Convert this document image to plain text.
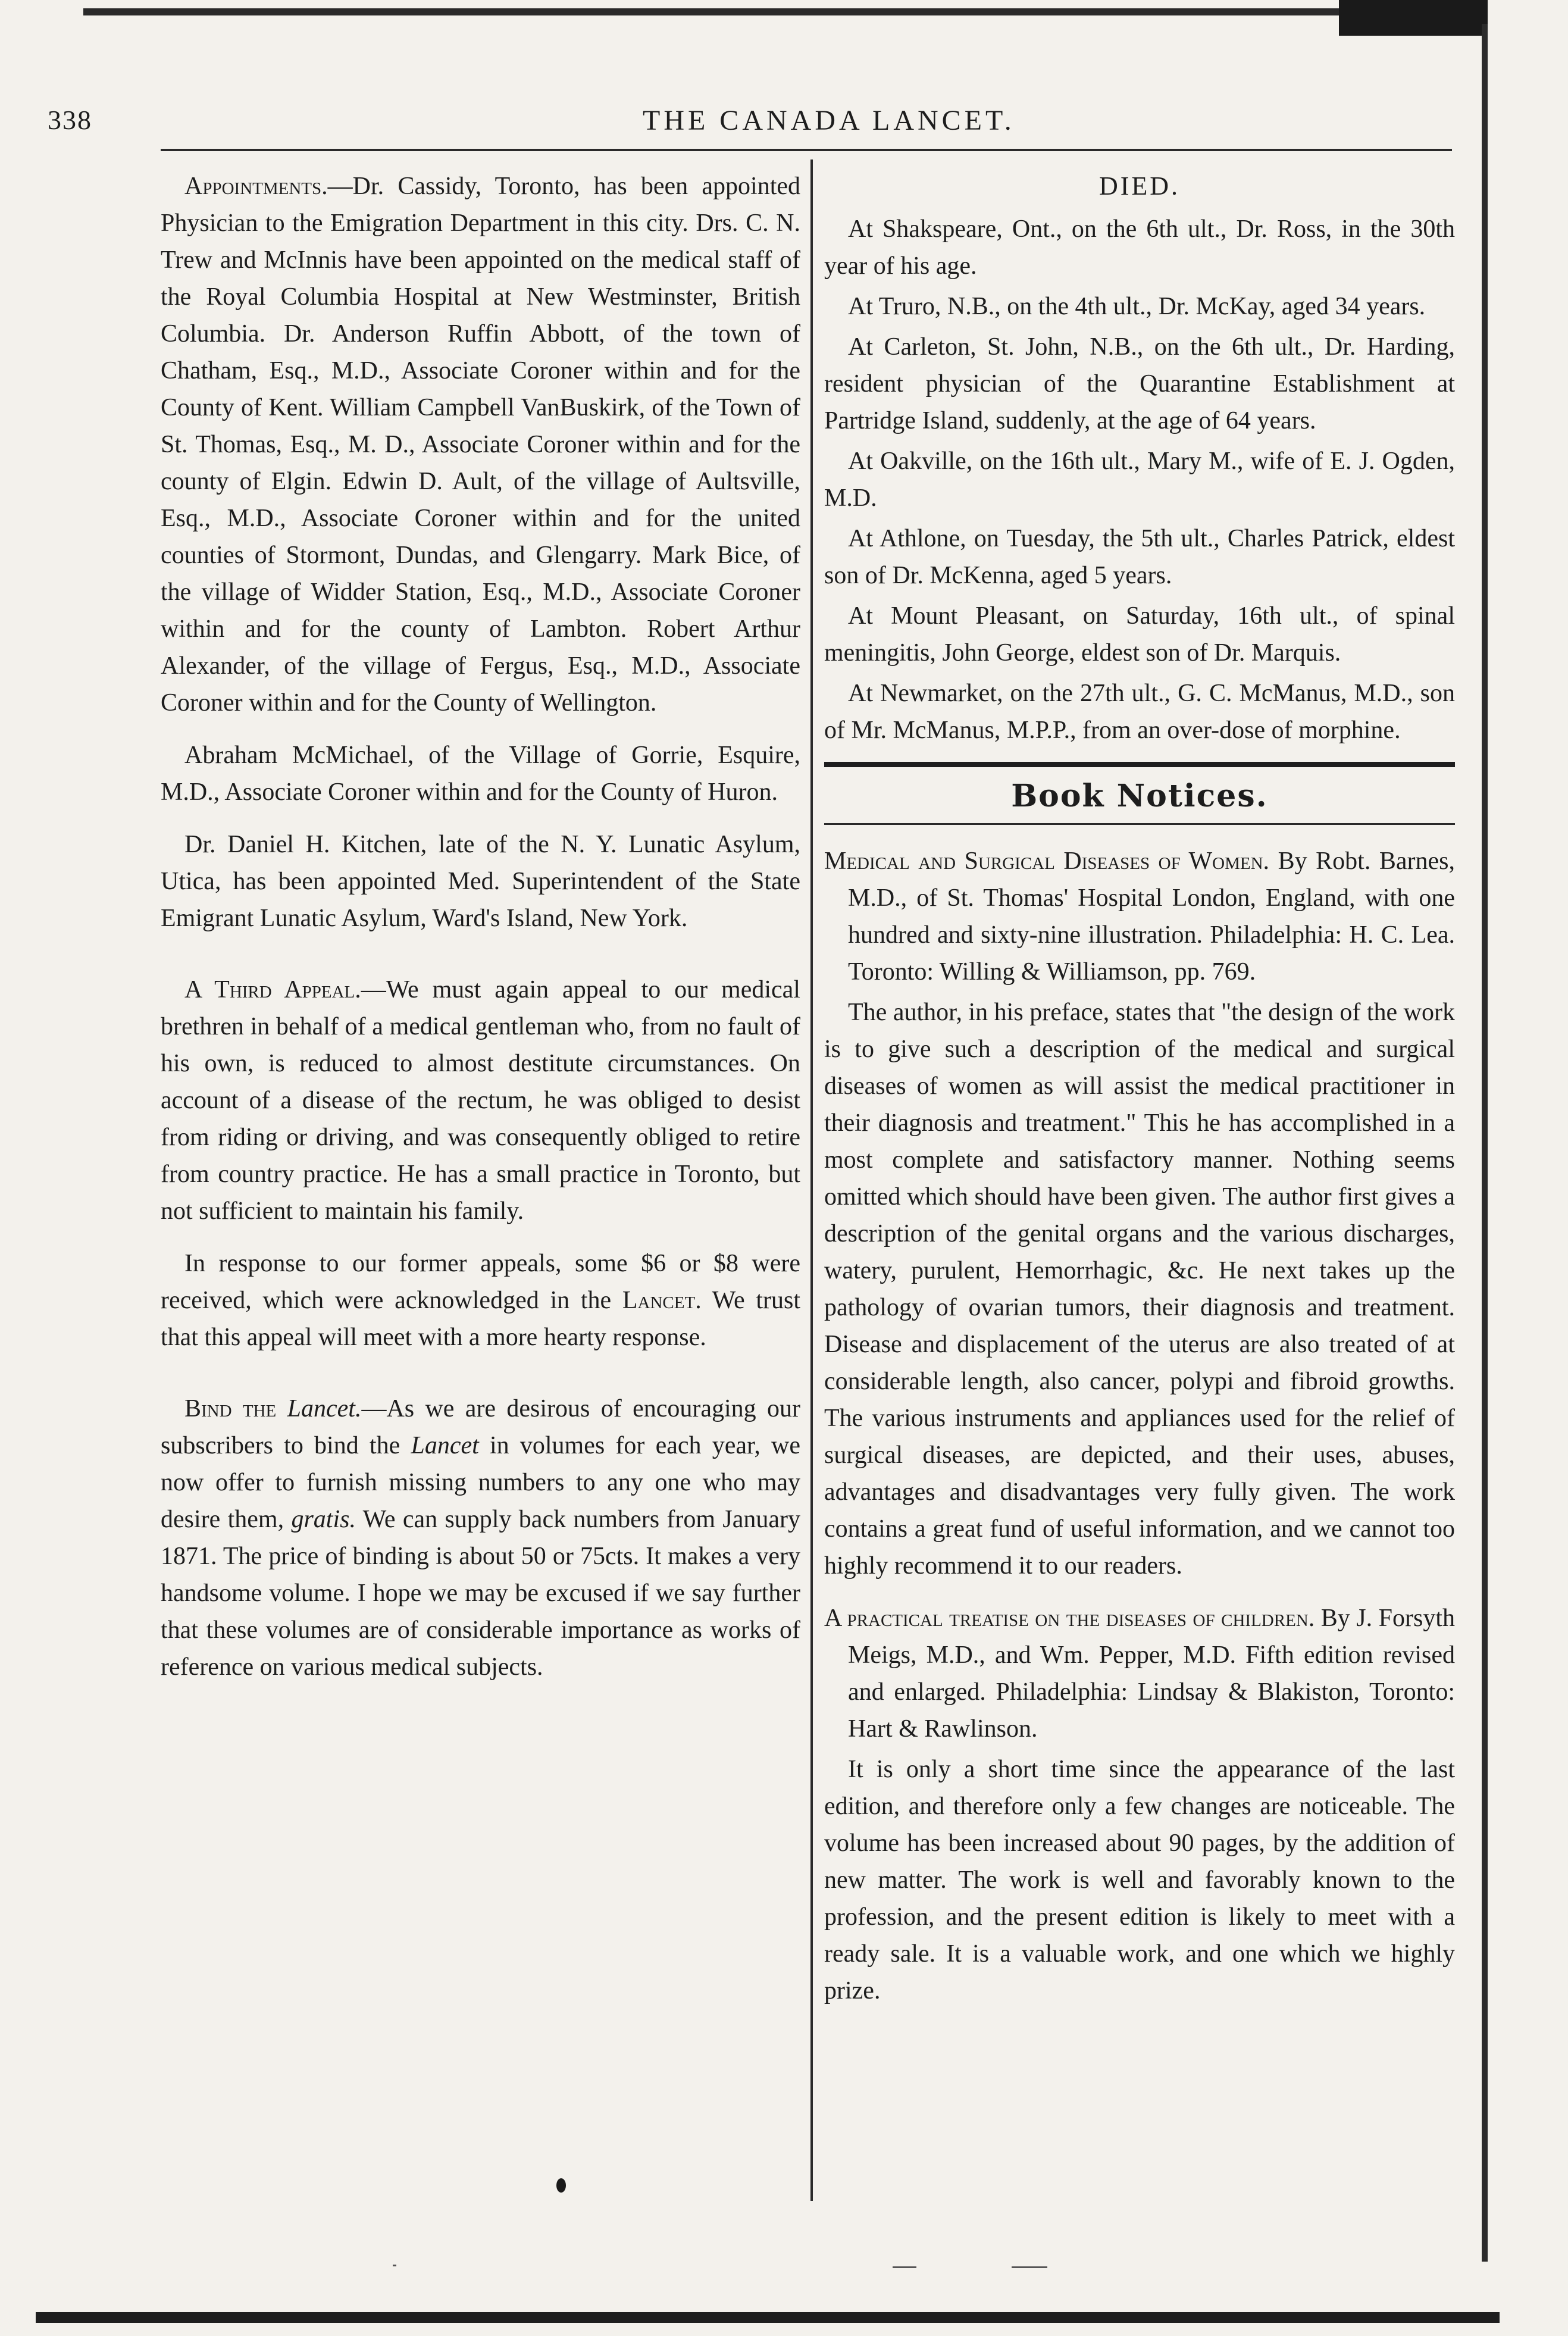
338	THE CANADA LANCET.

Appointments.—Dr. Cassidy, Toronto, has been appointed Physician to the Emigration Department in this city. Drs. C. N. Trew and McInnis have been appointed on the medical staff of the Royal Columbia Hospital at New Westminster, British Columbia. Dr. Anderson Ruffin Abbott, of the town of Chatham, Esq., M.D., Associate Coroner within and for the County of Kent. William Campbell VanBuskirk, of the Town of St. Thomas, Esq., M. D., Associate Coroner within and for the county of Elgin. Edwin D. Ault, of the village of Aultsville, Esq., M.D., Associate Coroner within and for the united counties of Stormont, Dundas, and Glengarry. Mark Bice, of the village of Widder Station, Esq., M.D., Associate Coroner within and for the county of Lambton. Robert Arthur Alexander, of the village of Fergus, Esq., M.D., Associate Coroner within and for the County of Wellington.

Abraham McMichael, of the Village of Gorrie, Esquire, M.D., Associate Coroner within and for the County of Huron.

Dr. Daniel H. Kitchen, late of the N. Y. Lunatic Asylum, Utica, has been appointed Med. Superintendent of the State Emigrant Lunatic Asylum, Ward's Island, New York.

A Third Appeal.—We must again appeal to our medical brethren in behalf of a medical gentleman who, from no fault of his own, is reduced to almost destitute circumstances. On account of a disease of the rectum, he was obliged to desist from riding or driving, and was consequently obliged to retire from country practice. He has a small practice in Toronto, but not sufficient to maintain his family.

In response to our former appeals, some $6 or $8 were received, which were acknowledged in the Lancet. We trust that this appeal will meet with a more hearty response.

Bind the Lancet.—As we are desirous of encouraging our subscribers to bind the Lancet in volumes for each year, we now offer to furnish missing numbers to any one who may desire them, gratis. We can supply back numbers from January 1871. The price of binding is about 50 or 75cts. It makes a very handsome volume. I hope we may be excused if we say further that these volumes are of considerable importance as works of reference on various medical subjects.

DIED.

At Shakspeare, Ont., on the 6th ult., Dr. Ross, in the 30th year of his age.

At Truro, N.B., on the 4th ult., Dr. McKay, aged 34 years.

At Carleton, St. John, N.B., on the 6th ult., Dr. Harding, resident physician of the Quarantine Establishment at Partridge Island, suddenly, at the age of 64 years.

At Oakville, on the 16th ult., Mary M., wife of E. J. Ogden, M.D.

At Athlone, on Tuesday, the 5th ult., Charles Patrick, eldest son of Dr. McKenna, aged 5 years.

At Mount Pleasant, on Saturday, 16th ult., of spinal meningitis, John George, eldest son of Dr. Marquis.

At Newmarket, on the 27th ult., G. C. McManus, M.D., son of Mr. McManus, M.P.P., from an over-dose of morphine.

Book Notices.

Medical and Surgical Diseases of Women. By Robt. Barnes, M.D., of St. Thomas' Hospital London, England, with one hundred and sixty-nine illustration. Philadelphia: H. C. Lea. Toronto: Willing & Williamson, pp. 769.

The author, in his preface, states that "the design of the work is to give such a description of the medical and surgical diseases of women as will assist the medical practitioner in their diagnosis and treatment." This he has accomplished in a most complete and satisfactory manner. Nothing seems omitted which should have been given. The author first gives a description of the genital organs and the various discharges, watery, purulent, Hemorrhagic, &c. He next takes up the pathology of ovarian tumors, their diagnosis and treatment. Disease and displacement of the uterus are also treated of at considerable length, also cancer, polypi and fibroid growths. The various instruments and appliances used for the relief of surgical diseases, are depicted, and their uses, abuses, advantages and disadvantages very fully given. The work contains a great fund of useful information, and we cannot too highly recommend it to our readers.

A practical treatise on the diseases of children. By J. Forsyth Meigs, M.D., and Wm. Pepper, M.D. Fifth edition revised and enlarged. Philadelphia: Lindsay & Blakiston, Toronto: Hart & Rawlinson.

It is only a short time since the appearance of the last edition, and therefore only a few changes are noticeable. The volume has been increased about 90 pages, by the addition of new matter. The work is well and favorably known to the profession, and the present edition is likely to meet with a ready sale. It is a valuable work, and one which we highly prize.
